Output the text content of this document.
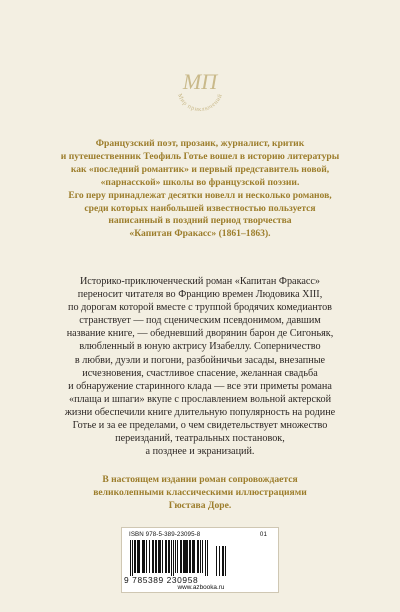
МП
Мир приключений
Французский поэт, прозаик, журналист, критик
и путешественник Теофиль Готье вошел в историю литературы
как «последний романтик» и первый представитель новой,
«парнасской» школы во французской поэзии.
Его перу принадлежат десятки новелл и несколько романов,
среди которых наибольшей известностью пользуется
написанный в поздний период творчества
«Капитан Фракасс» (1861–1863).
Историко-приключенческий роман «Капитан Фракасс»
переносит читателя во Францию времен Людовика XIII,
по дорогам которой вместе с труппой бродячих комедиантов
странствует — под сценическим псевдонимом, давшим
название книге, — обедневший дворянин барон де Сигоньяк,
влюбленный в юную актрису Изабеллу. Соперничество
в любви, дуэли и погони, разбойничьи засады, внезапные
исчезновения, счастливое спасение, желанная свадьба
и обнаружение старинного клада — все эти приметы романа
«плаща и шпаги» вкупе с прославлением вольной актерской
жизни обеспечили книге длительную популярность на родине
Готье и за ее пределами, о чем свидетельствует множество
переизданий, театральных постановок,
а позднее и экранизаций.
В настоящем издании роман сопровождается
великолепными классическими иллюстрациями
Гюстава Доре.
ISBN 978-5-389-23095-8	01
9 785389 230958
www.azbooka.ru
